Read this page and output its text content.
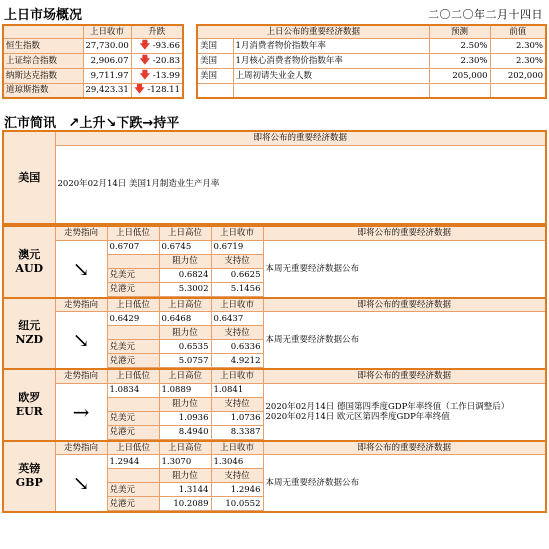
上日市场概况	二〇二〇年二月十四日
	上日收市	升跌
恒生指数	27,730.00	🡇 -93.66
上证综合指数	2,906.07	🡇 -20.83
纳斯达克指数	9,711.97	🡇 -13.99
道琼斯指数	29,423.31	🡇 -128.11
上日公布的重要经济数据		预测	前值
美国	1月消费者物价指数年率	2.50%	2.30%
美国	1月核心消费者物价指数年率	2.30%	2.30%
美国	上周初请失业金人数	205,000	202,000

汇市简讯 ↗上升↘下跌→持平
美国	即将公布的重要经济数据
2020年02月14日 美国1月制造业生产月率
澳元
AUD	走势指向	上日低位	上日高位	上日收市	即将公布的重要经济数据
	↘	0.6707	0.6745	0.6719	本周无重要经济数据公布

			阻力位	支持位	
		兑美元	0.6824	0.6625	
		兑港元	5.3002	5.1456	

纽元
NZD	走势指向	上日低位	上日高位	上日收市	即将公布的重要经济数据
	↘	0.6429	0.6468	0.6437	本周无重要经济数据公布

			阻力位	支持位	
		兑美元	0.6535	0.6336	
		兑港元	5.0757	4.9212	

欧罗
EUR	走势指向	上日低位	上日高位	上日收市	即将公布的重要经济数据
	→	1.0834	1.0889	1.0841	2020年02月14日 德国第四季度GDP年率终值（工作日调整后）
2020年02月14日 欧元区第四季度GDP年率终值

			阻力位	支持位	
		兑美元	1.0936	1.0736	
		兑港元	8.4940	8.3387	

英镑
GBP	走势指向	上日低位	上日高位	上日收市	即将公布的重要经济数据
	↘	1.2944	1.3070	1.3046	本周无重要经济数据公布

			阻力位	支持位	
		兑美元	1.3144	1.2946	
		兑港元	10.2089	10.0552	
